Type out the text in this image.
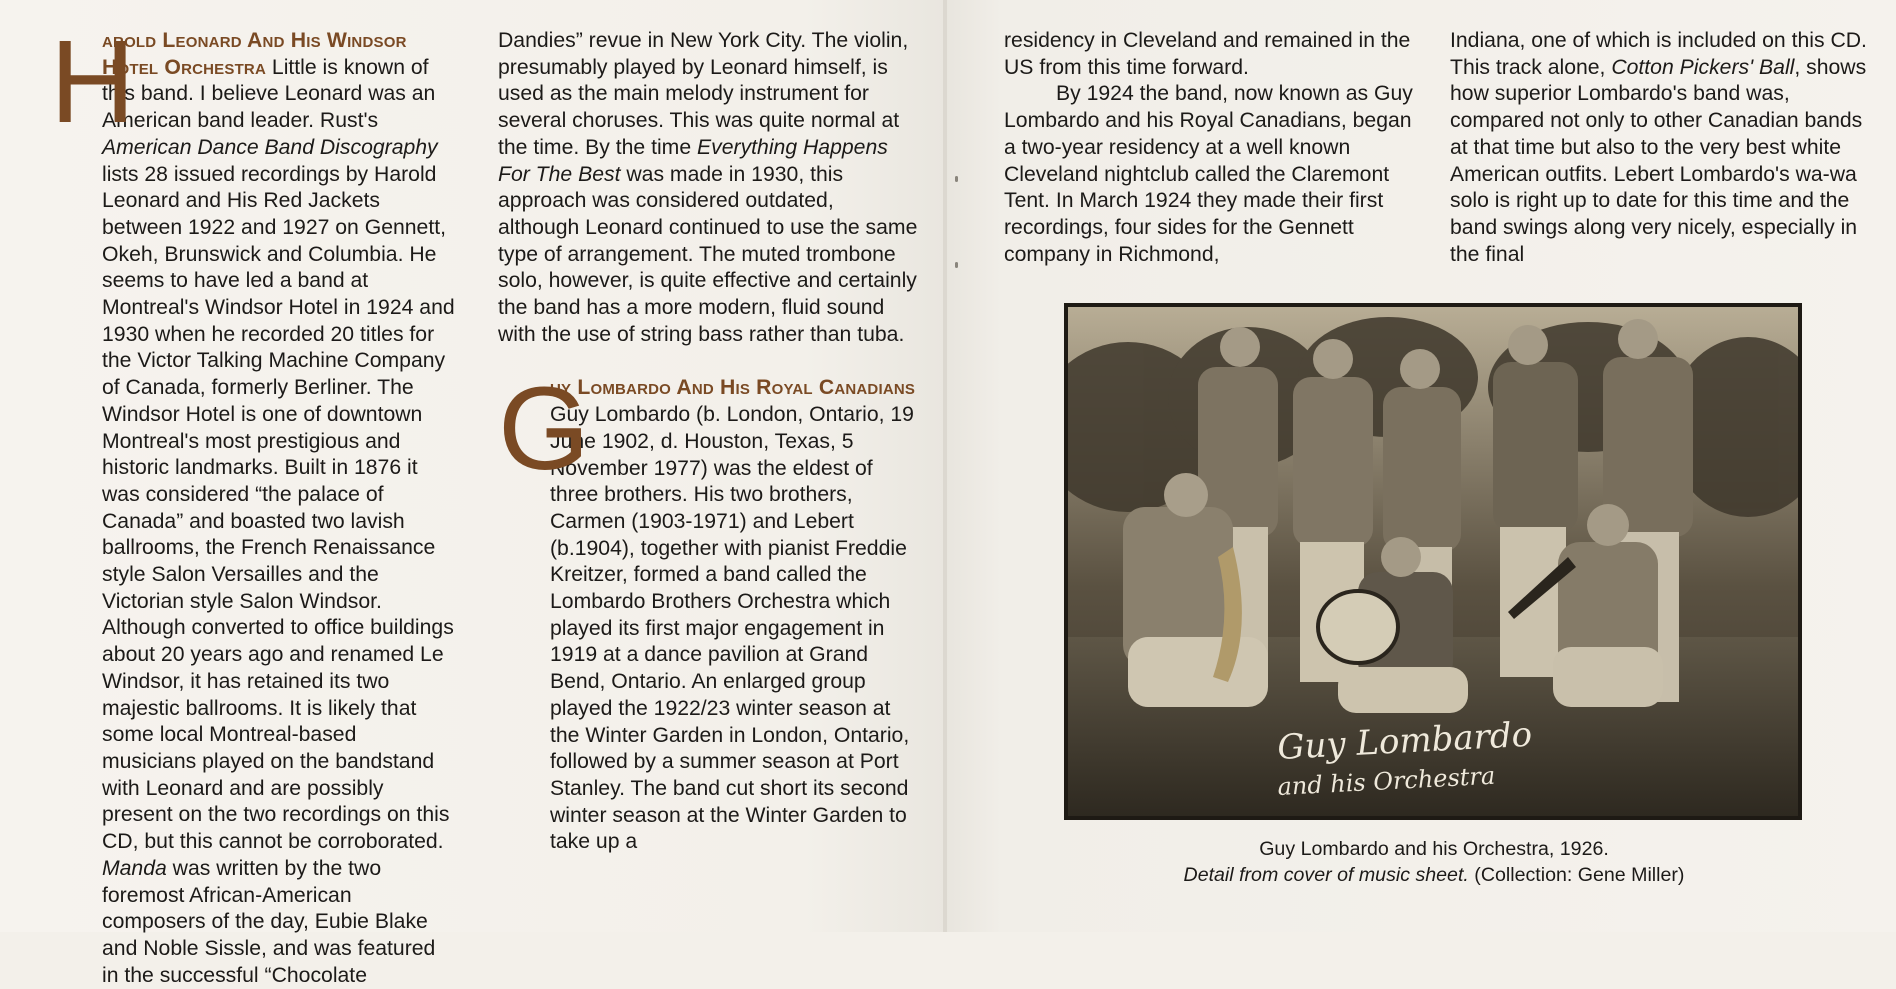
H
arold Leonard And His Windsor Hotel Orchestra Little is known of this band. I believe Leonard was an American band leader. Rust's American Dance Band Discography lists 28 issued recordings by Harold Leonard and His Red Jackets between 1922 and 1927 on Gennett, Okeh, Brunswick and Columbia. He seems to have led a band at Montreal's Windsor Hotel in 1924 and 1930 when he recorded 20 titles for the Victor Talking Machine Company of Canada, formerly Berliner. The Windsor Hotel is one of downtown Montreal's most prestigious and historic landmarks. Built in 1876 it was considered “the palace of Canada” and boasted two lavish ballrooms, the French Renaissance style Salon Versailles and the Victorian style Salon Windsor. Although converted to office buildings about 20 years ago and renamed Le Windsor, it has retained its two majestic ballrooms. It is likely that some local Montreal-based musicians played on the bandstand with Leonard and are possibly present on the two recordings on this CD, but this cannot be corroborated. Manda was written by the two foremost African-American composers of the day, Eubie Blake and Noble Sissle, and was featured in the successful “Chocolate

Dandies” revue in New York City. The violin, presumably played by Leonard himself, is used as the main melody instrument for several choruses. This was quite normal at the time. By the time Everything Happens For The Best was made in 1930, this approach was considered outdated, although Leonard continued to use the same type of arrangement. The muted trombone solo, however, is quite effective and certainly the band has a more modern, fluid sound with the use of string bass rather than tuba.

G
uy Lombardo And His Royal Canadians Guy Lombardo (b. London, Ontario, 19 June 1902, d. Houston, Texas, 5 November 1977) was the eldest of three brothers. His two brothers, Carmen (1903-1971) and Lebert (b.1904), together with pianist Freddie Kreitzer, formed a band called the Lombardo Brothers Orchestra which played its first major engagement in 1919 at a dance pavilion at Grand Bend, Ontario. An enlarged group played the 1922/23 winter season at the Winter Garden in London, Ontario, followed by a summer season at Port Stanley. The band cut short its second winter season at the Winter Garden to take up a

residency in Cleveland and remained in the US from this time forward.

By 1924 the band, now known as Guy Lombardo and his Royal Canadians, began a two-year residency at a well known Cleveland nightclub called the Claremont Tent. In March 1924 they made their first recordings, four sides for the Gennett company in Richmond,

Indiana, one of which is included on this CD. This track alone, Cotton Pickers' Ball, shows how superior Lombardo's band was, compared not only to other Canadian bands at that time but also to the very best white American outfits. Lebert Lombardo's wa-wa solo is right up to date for this time and the band swings along very nicely, especially in the final

Guy Lombardo
and his Orchestra
Guy Lombardo and his Orchestra, 1926.
Detail from cover of music sheet. (Collection: Gene Miller)
